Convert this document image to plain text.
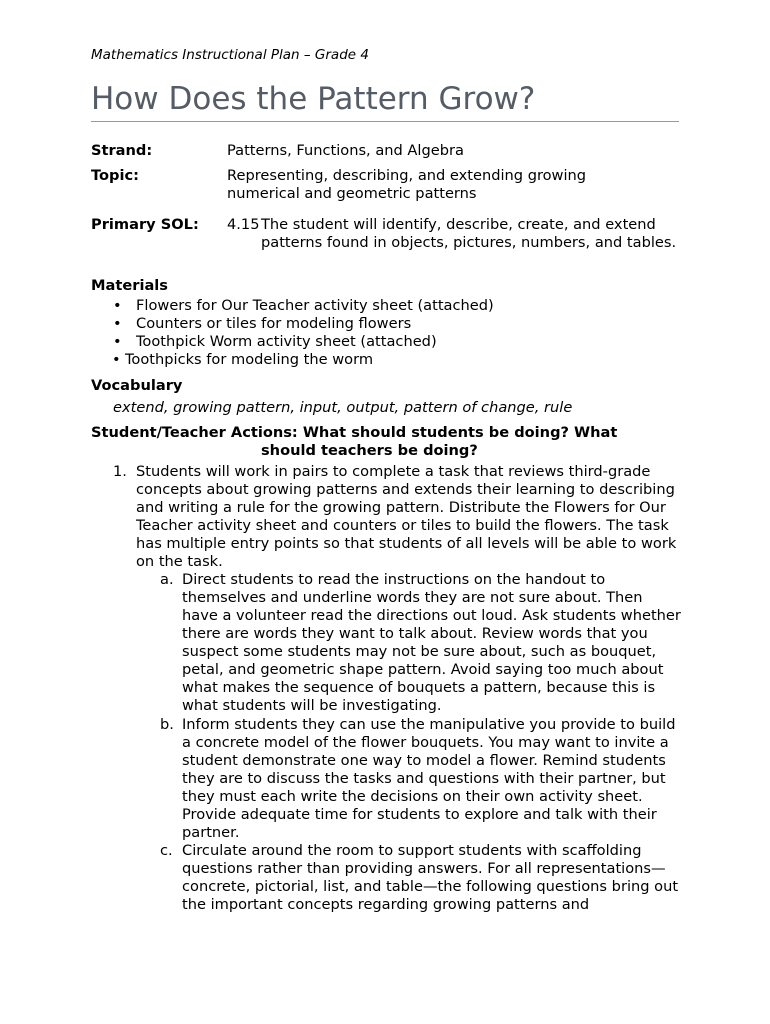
Mathematics Instructional Plan – Grade 4
How Does the Pattern Grow?
Strand:	Patterns, Functions, and Algebra
Topic:	Representing, describing, and extending growing numerical and geometric patterns
Primary SOL: 4.15 The student will identify, describe, create, and extend patterns found in objects, pictures, numbers, and tables.
Materials
• Flowers for Our Teacher activity sheet (attached)
• Counters or tiles for modeling flowers
• Toothpick Worm activity sheet (attached)
• Toothpicks for modeling the worm
Vocabulary
extend, growing pattern, input, output, pattern of change, rule
Student/Teacher Actions: What should students be doing? What
should teachers be doing?
1. Students will work in pairs to complete a task that reviews third-grade concepts about growing patterns and extends their learning to describing and writing a rule for the growing pattern. Distribute the Flowers for Our Teacher activity sheet and counters or tiles to build the flowers. The task has multiple entry points so that students of all levels will be able to work on the task.

a. Direct students to read the instructions on the handout to themselves and underline words they are not sure about. Then have a volunteer read the directions out loud. Ask students whether there are words they want to talk about. Review words that you suspect some students may not be sure about, such as bouquet, petal, and geometric shape pattern. Avoid saying too much about what makes the sequence of bouquets a pattern, because this is what students will be investigating.

b. Inform students they can use the manipulative you provide to build a concrete model of the flower bouquets. You may want to invite a student demonstrate one way to model a flower. Remind students they are to discuss the tasks and questions with their partner, but they must each write the decisions on their own activity sheet. Provide adequate time for students to explore and talk with their partner.

c. Circulate around the room to support students with scaffolding questions rather than providing answers. For all representations—concrete, pictorial, list, and table—the following questions bring out the important concepts regarding growing patterns and
